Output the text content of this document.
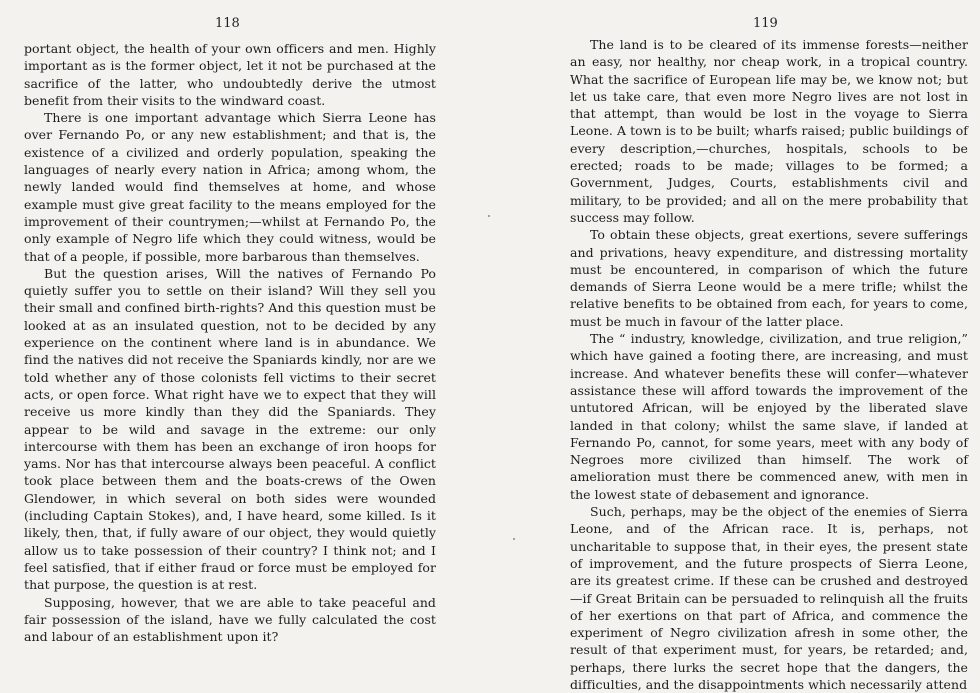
118

portant object, the health of your own officers and men. Highly important as is the former object, let it not be purchased at the sacrifice of the latter, who undoubtedly derive the utmost benefit from their visits to the windward coast.

There is one important advantage which Sierra Leone has over Fernando Po, or any new establishment; and that is, the existence of a civilized and orderly population, speaking the languages of nearly every nation in Africa; among whom, the newly landed would find themselves at home, and whose example must give great facility to the means employed for the improvement of their countrymen;—whilst at Fernando Po, the only example of Negro life which they could witness, would be that of a people, if possible, more barbarous than themselves.

But the question arises, Will the natives of Fernando Po quietly suffer you to settle on their island? Will they sell you their small and confined birth-rights? And this question must be looked at as an insulated question, not to be decided by any experience on the continent where land is in abundance. We find the natives did not receive the Spaniards kindly, nor are we told whether any of those colonists fell victims to their secret acts, or open force. What right have we to expect that they will receive us more kindly than they did the Spaniards. They appear to be wild and savage in the extreme: our only intercourse with them has been an exchange of iron hoops for yams. Nor has that intercourse always been peaceful. A conflict took place between them and the boats-crews of the Owen Glendower, in which several on both sides were wounded (including Captain Stokes), and, I have heard, some killed. Is it likely, then, that, if fully aware of our object, they would quietly allow us to take possession of their country? I think not; and I feel satisfied, that if either fraud or force must be employed for that purpose, the question is at rest.

Supposing, however, that we are able to take peaceful and fair possession of the island, have we fully calculated the cost and labour of an establishment upon it?

119

The land is to be cleared of its immense forests—neither an easy, nor healthy, nor cheap work, in a tropical country. What the sacrifice of European life may be, we know not; but let us take care, that even more Negro lives are not lost in that attempt, than would be lost in the voyage to Sierra Leone. A town is to be built; wharfs raised; public buildings of every description,—churches, hospitals, schools to be erected; roads to be made; villages to be formed; a Government, Judges, Courts, establishments civil and military, to be provided; and all on the mere probability that success may follow.

To obtain these objects, great exertions, severe sufferings and privations, heavy expenditure, and distressing mortality must be encountered, in comparison of which the future demands of Sierra Leone would be a mere trifle; whilst the relative benefits to be obtained from each, for years to come, must be much in favour of the latter place.

The “ industry, knowledge, civilization, and true religion,” which have gained a footing there, are increasing, and must increase. And whatever benefits these will confer—whatever assistance these will afford towards the improvement of the untutored African, will be enjoyed by the liberated slave landed in that colony; whilst the same slave, if landed at Fernando Po, cannot, for some years, meet with any body of Negroes more civilized than himself. The work of amelioration must there be commenced anew, with men in the lowest state of debasement and ignorance.

Such, perhaps, may be the object of the enemies of Sierra Leone, and of the African race. It is, perhaps, not uncharitable to suppose that, in their eyes, the present state of improvement, and the future prospects of Sierra Leone, are its greatest crime. If these can be crushed and destroyed—if Great Britain can be persuaded to relinquish all the fruits of her exertions on that part of Africa, and commence the experiment of Negro civilization afresh in some other, the result of that experiment must, for years, be retarded; and, perhaps, there lurks the secret hope that the dangers, the difficulties, and the disappointments which necessarily attend
